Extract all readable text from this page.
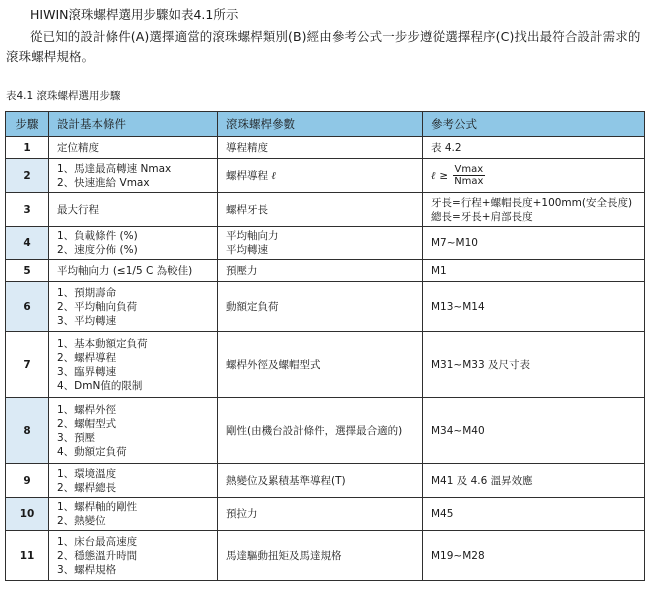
HIWIN滾珠螺桿選用步驟如表4.1所示
從已知的設計條件(A)選擇適當的滾珠螺桿類別(B)經由參考公式一步步遵從選擇程序(C)找出最符合設計需求的滾珠螺桿規格。
表4.1 滾珠螺桿選用步驟
步驟	設計基本條件	滾珠螺桿參數	參考公式
1	定位精度	導程精度	表 4.2
2	1、馬達最高轉速 Nmax
2、快速進給 Vmax	螺桿導程 ℓ	ℓ ≥ $\frac{Vmax}{Nmax}$

3	最大行程	螺桿牙長	牙長=行程+螺帽長度+100mm(安全長度)
總長=牙長+肩部長度

4	1、負載條件 (%)
2、速度分佈 (%)	平均軸向力
平均轉速	M7~M10
5	平均軸向力 (≤1/5 C 為較佳)	預壓力	M1
6	1、預期壽命
2、平均軸向負荷
3、平均轉速	動額定負荷	M13~M14
7	1、基本動額定負荷
2、螺桿導程
3、臨界轉速
4、DmN值的限制	螺桿外徑及螺帽型式	M31~M33 及尺寸表
8	1、螺桿外徑
2、螺帽型式
3、預壓
4、動額定負荷	剛性(由機台設計條件，選擇最合適的)	M34~M40
9	1、環境溫度
2、螺桿總長	熱變位及累積基準導程(T)	M41 及 4.6 溫昇效應
10	1、螺桿軸的剛性
2、熱變位	預拉力	M45
11	1、床台最高速度
2、穩態溫升時間
3、螺桿規格	馬達驅動扭矩及馬達規格	M19~M28
